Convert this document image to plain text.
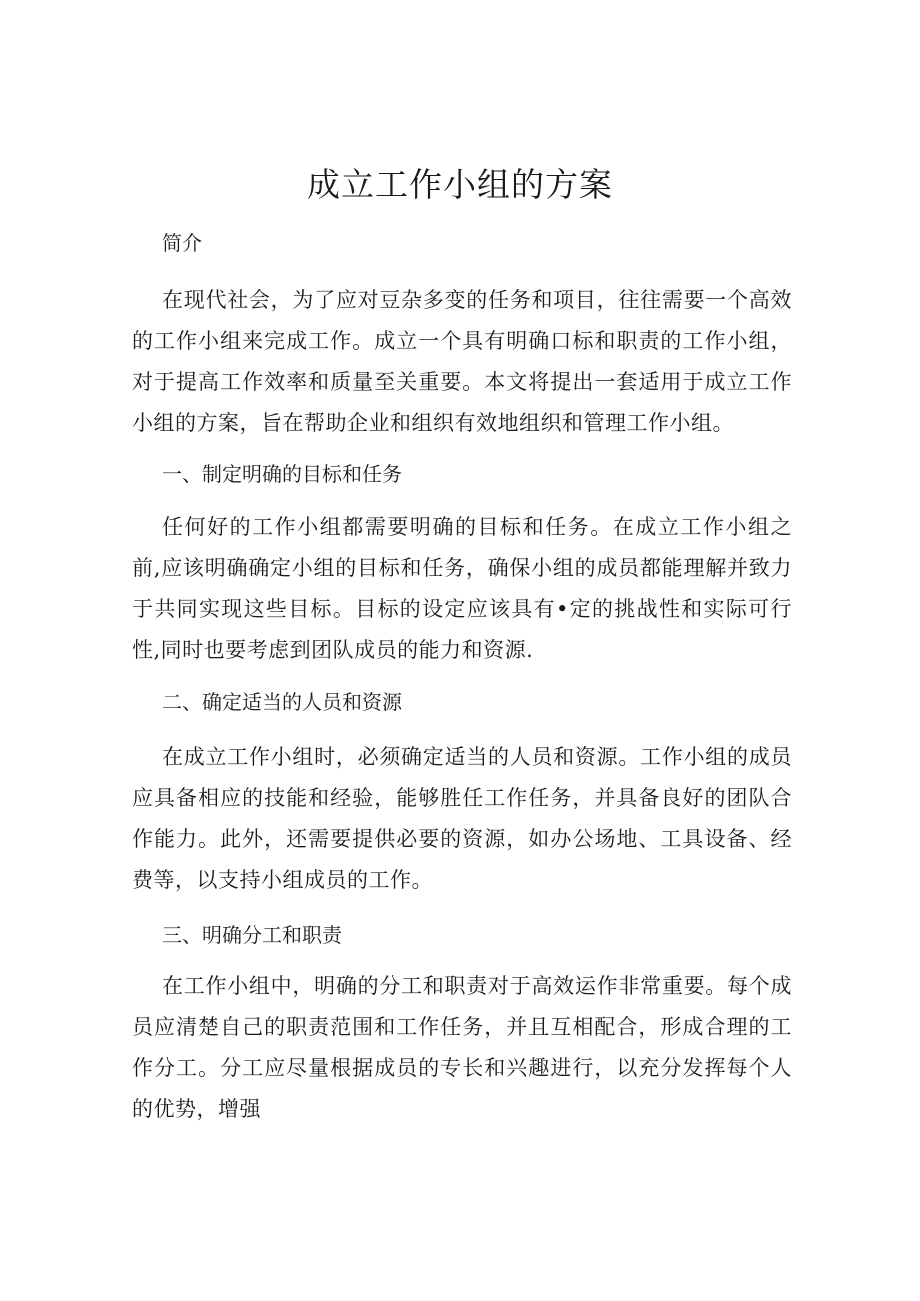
成立工作小组的方案
简介
在现代社会，为了应对豆杂多变的任务和项目，往往需要一个高效的工作小组来完成工作。成立一个具有明确口标和职责的工作小组，对于提高工作效率和质量至关重要。本文将提出一套适用于成立工作小组的方案，旨在帮助企业和组织有效地组织和管理工作小组。
一、制定明确的目标和任务
任何好的工作小组都需要明确的目标和任务。在成立工作小组之前,应该明确确定小组的目标和任务，确保小组的成员都能理解并致力于共同实现这些目标。目标的设定应该具有•定的挑战性和实际可行性,同时也要考虑到团队成员的能力和资源.
二、确定适当的人员和资源
在成立工作小组时，必须确定适当的人员和资源。工作小组的成员应具备相应的技能和经验，能够胜任工作任务，并具备良好的团队合作能力。此外，还需要提供必要的资源，如办公场地、工具设备、经费等，以支持小组成员的工作。
三、明确分工和职责
在工作小组中，明确的分工和职责对于高效运作非常重要。每个成员应清楚自己的职责范围和工作任务，并且互相配合，形成合理的工作分工。分工应尽量根据成员的专长和兴趣进行，以充分发挥每个人的优势，增强
